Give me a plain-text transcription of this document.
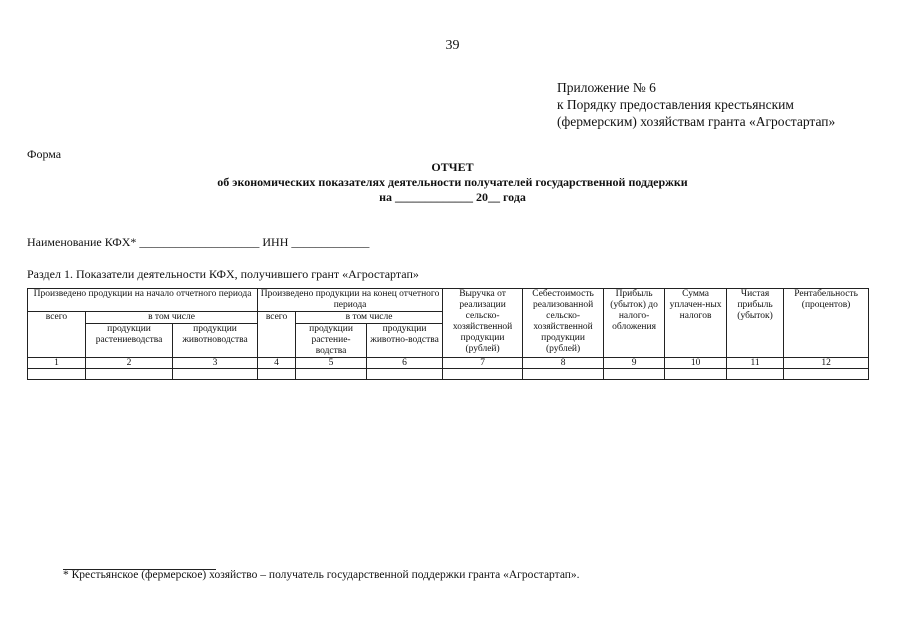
39
Приложение № 6
к Порядку предоставления крестьянским
(фермерским) хозяйствам гранта «Агростартап»
Форма
ОТЧЕТ
об экономических показателях деятельности получателей государственной поддержки
на _____________ 20__ года
Наименование КФХ* ____________________ ИНН _____________
Раздел 1. Показатели деятельности КФХ, получившего грант «Агростартап»
Произведено продукции на начало отчетного периода			Произведено продукции на конец отчетного периода			Выручка от реализации сельско-хозяйственной продукции (рублей)	Себестоимость реализованной сельско-хозяйственной продукции (рублей)	Прибыль (убыток) до налого-обложения	Сумма уплачен-ных налогов	Чистая прибыль (убыток)	Рентабельность (процентов)
всего	в том числе		всего	в том числе							
	продукции растениеводства	продукции животноводства		продукции растение-водства	продукции животно-водства						
1	2	3	4	5	6	7	8	9	10	11	12

* Крестьянское (фермерское) хозяйство – получатель государственной поддержки гранта «Агростартап».
